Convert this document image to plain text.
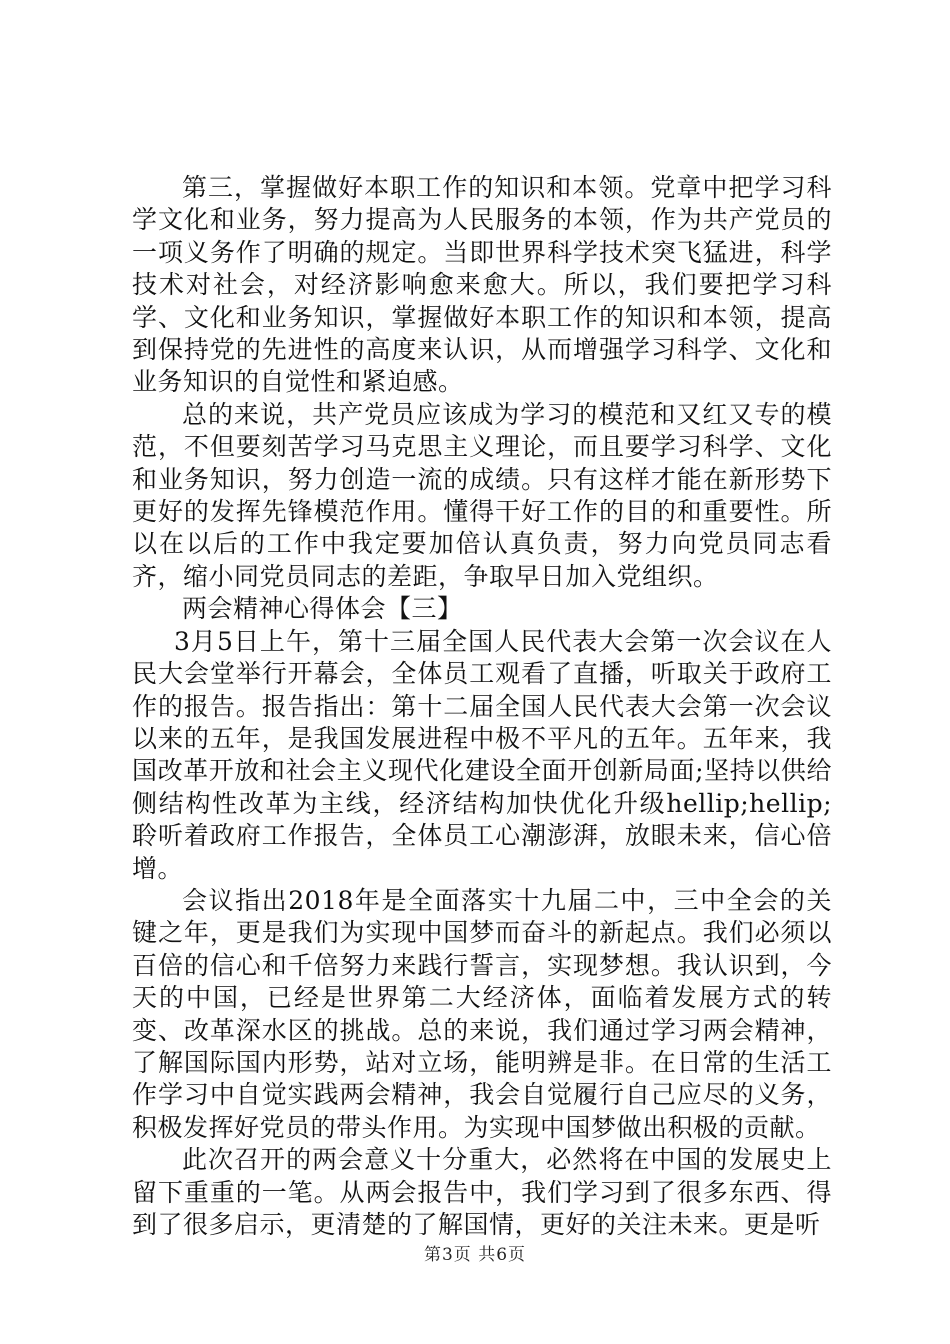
第三，掌握做好本职工作的知识和本领。党章中把学习科学文化和业务，努力提高为人民服务的本领，作为共产党员的一项义务作了明确的规定。当即世界科学技术突飞猛进，科学技术对社会，对经济影响愈来愈大。所以，我们要把学习科学、文化和业务知识，掌握做好本职工作的知识和本领，提高到保持党的先进性的高度来认识，从而增强学习科学、文化和业务知识的自觉性和紧迫感。

总的来说，共产党员应该成为学习的模范和又红又专的模范，不但要刻苦学习马克思主义理论，而且要学习科学、文化和业务知识，努力创造一流的成绩。只有这样才能在新形势下更好的发挥先锋模范作用。懂得干好工作的目的和重要性。所以在以后的工作中我定要加倍认真负责，努力向党员同志看齐，缩小同党员同志的差距，争取早日加入党组织。

两会精神心得体会【三】

3月5日上午，第十三届全国人民代表大会第一次会议在人民大会堂举行开幕会，全体员工观看了直播，听取关于政府工作的报告。报告指出：第十二届全国人民代表大会第一次会议以来的五年，是我国发展进程中极不平凡的五年。五年来，我国改革开放和社会主义现代化建设全面开创新局面;坚持以供给侧结构性改革为主线，经济结构加快优化升级hellip;hellip;聆听着政府工作报告，全体员工心潮澎湃，放眼未来，信心倍增。

会议指出2018年是全面落实十九届二中，三中全会的关键之年，更是我们为实现中国梦而奋斗的新起点。我们必须以百倍的信心和千倍努力来践行誓言，实现梦想。我认识到，今天的中国，已经是世界第二大经济体，面临着发展方式的转变、改革深水区的挑战。总的来说，我们通过学习两会精神，了解国际国内形势，站对立场，能明辨是非。在日常的生活工作学习中自觉实践两会精神，我会自觉履行自己应尽的义务，积极发挥好党员的带头作用。为实现中国梦做出积极的贡献。

此次召开的两会意义十分重大，必然将在中国的发展史上留下重重的一笔。从两会报告中，我们学习到了很多东西、得到了很多启示，更清楚的了解国情，更好的关注未来。更是听

第3页 共6页
